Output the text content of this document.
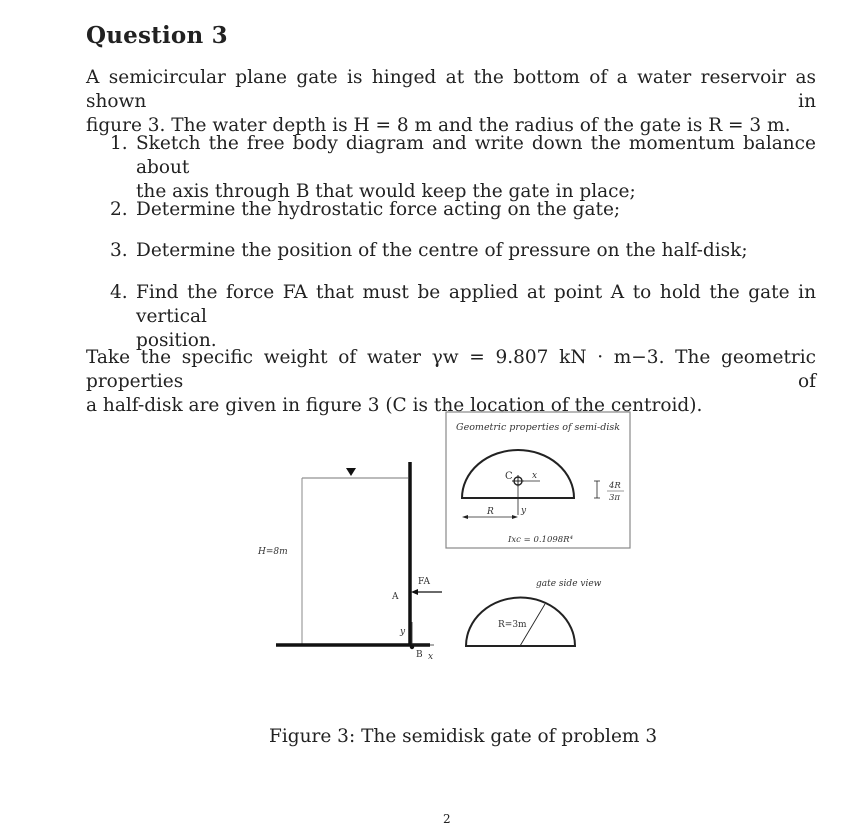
Question 3

A semicircular plane gate is hinged at the bottom of a water reservoir as shown in
figure 3. The water depth is H = 8 m and the radius of the gate is R = 3 m.

1. Sketch the free body diagram and write down the momentum balance about
the axis through B that would keep the gate in place;
2. Determine the hydrostatic force acting on the gate;
3. Determine the position of the centre of pressure on the half-disk;
4. Find the force FA that must be applied at point A to hold the gate in vertical
position.

Take the specific weight of water γw = 9.807 kN · m−3. The geometric properties of
a half-disk are given in figure 3 (C is the location of the centroid).

Geometric properties of semi-disk
C x
y
R
4R
3π
Ixc = 0.1098R⁴
gate side view
R=3m
H=8m
FA
A
y
B x

Figure 3: The semidisk gate of problem 3

2
